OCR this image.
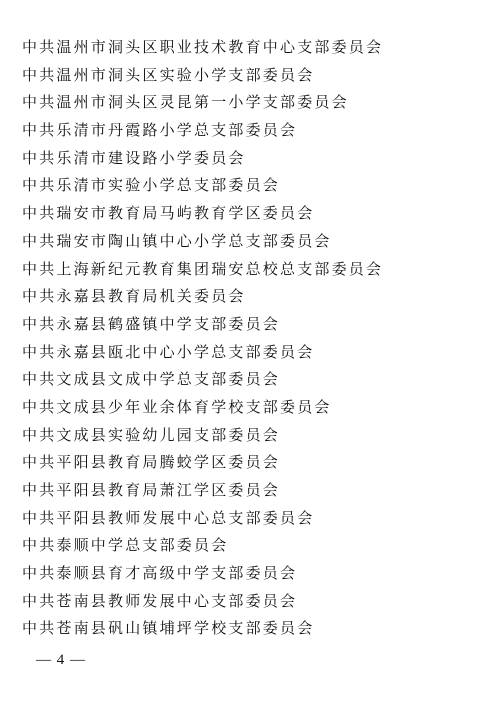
中共温州市洞头区职业技术教育中心支部委员会
中共温州市洞头区实验小学支部委员会
中共温州市洞头区灵昆第一小学支部委员会
中共乐清市丹霞路小学总支部委员会
中共乐清市建设路小学委员会
中共乐清市实验小学总支部委员会
中共瑞安市教育局马屿教育学区委员会
中共瑞安市陶山镇中心小学总支部委员会
中共上海新纪元教育集团瑞安总校总支部委员会
中共永嘉县教育局机关委员会
中共永嘉县鹤盛镇中学支部委员会
中共永嘉县瓯北中心小学总支部委员会
中共文成县文成中学总支部委员会
中共文成县少年业余体育学校支部委员会
中共文成县实验幼儿园支部委员会
中共平阳县教育局腾蛟学区委员会
中共平阳县教育局萧江学区委员会
中共平阳县教师发展中心总支部委员会
中共泰顺中学总支部委员会
中共泰顺县育才高级中学支部委员会
中共苍南县教师发展中心支部委员会
中共苍南县矾山镇埔坪学校支部委员会
— 4 —
